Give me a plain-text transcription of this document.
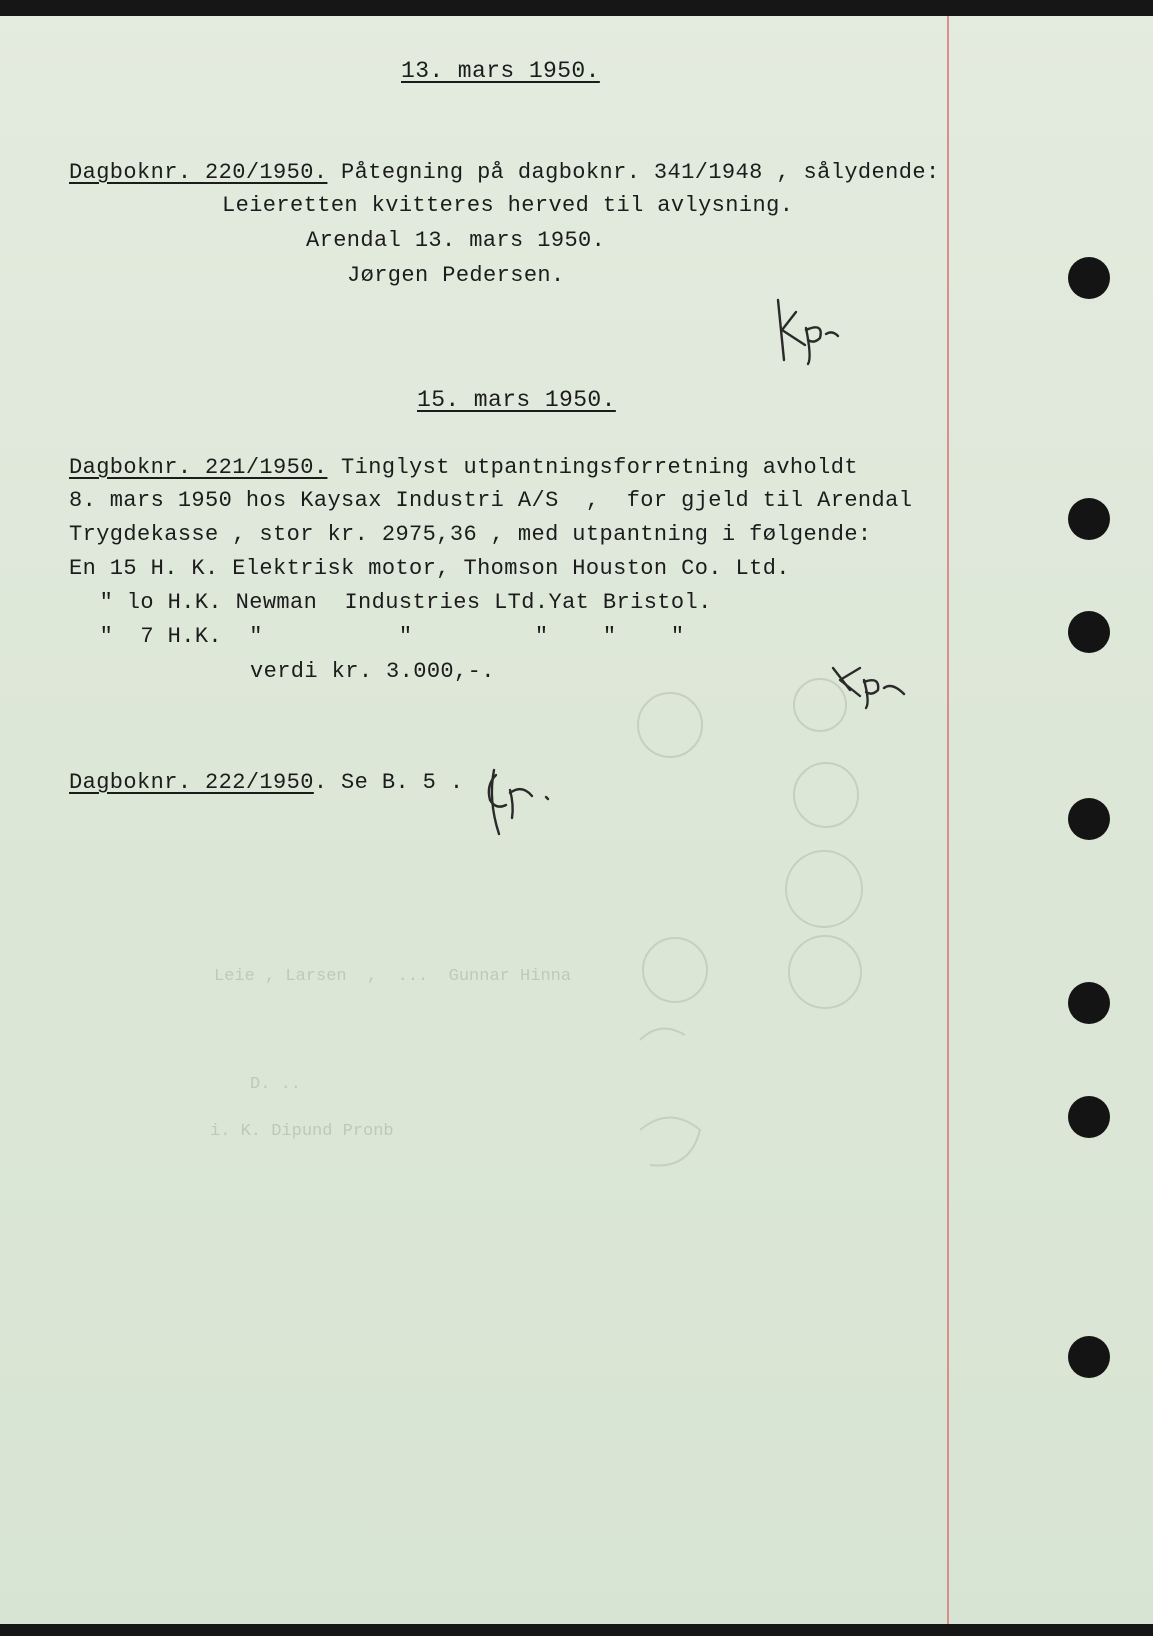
Leie , Larsen  ,  ...  Gunnar Hinna
D. ..
i. K. Dipund Pronb
13. mars 1950.
Dagboknr. 220/1950. Påtegning på dagboknr. 341/1948 , sålydende:
Leieretten kvitteres herved til avlysning.
Arendal 13. mars 1950.
Jørgen Pedersen.
15. mars 1950.
Dagboknr. 221/1950. Tinglyst utpantningsforretning avholdt
8. mars 1950 hos Kaysax Industri A/S  ,  for gjeld til Arendal
Trygdekasse , stor kr. 2975,36 , med utpantning i følgende:
En 15 H. K. Elektrisk motor, Thomson Houston Co. Ltd.
" lo H.K. Newman  Industries LTd.Yat Bristol.
"  7 H.K.  "          "         "    "    "
verdi kr. 3.000,-.
Dagboknr. 222/1950. Se B. 5 .
